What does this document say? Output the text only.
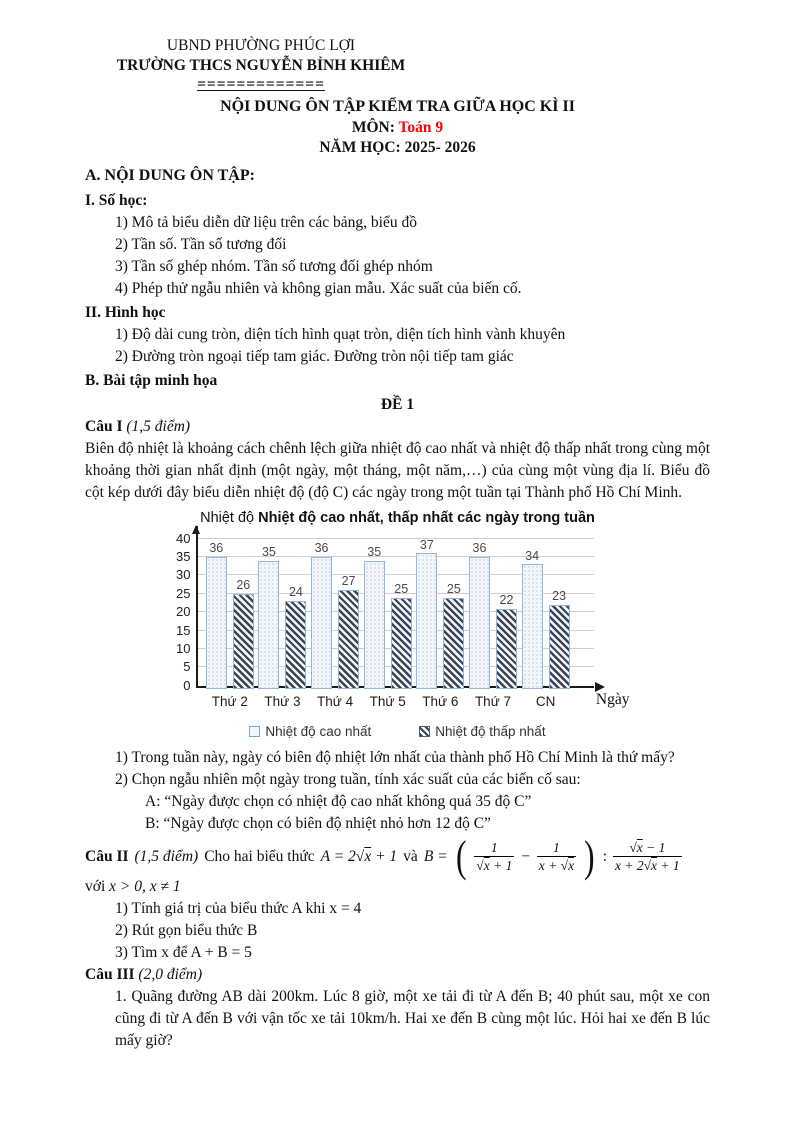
UBND PHƯỜNG PHÚC LỢI
TRƯỜNG THCS NGUYỄN BỈNH KHIÊM
=============
NỘI DUNG ÔN TẬP KIỂM TRA GIỮA HỌC KÌ II
MÔN: Toán 9
NĂM HỌC: 2025- 2026
A. NỘI DUNG ÔN TẬP:
I. Số học:
1) Mô tả biểu diễn dữ liệu trên các bảng, biểu đồ
2) Tần số. Tần số tương đối
3) Tần số ghép nhóm. Tần số tương đối ghép nhóm
4) Phép thử ngẫu nhiên và không gian mẫu. Xác suất của biến cố.
II. Hình học
1) Độ dài cung tròn, diện tích hình quạt tròn, diện tích hình vành khuyên
2) Đường tròn ngoại tiếp tam giác. Đường tròn nội tiếp tam giác
B. Bài tập minh họa
ĐỀ 1
Câu I (1,5 điểm)
Biên độ nhiệt là khoảng cách chênh lệch giữa nhiệt độ cao nhất và nhiệt độ thấp nhất trong cùng một khoảng thời gian nhất định (một ngày, một tháng, một năm,…) của cùng một vùng địa lí. Biểu đồ cột kép dưới đây biểu diễn nhiệt độ (độ C) các ngày trong một tuần tại Thành phố Hồ Chí Minh.
Nhiệt độ Nhiệt độ cao nhất, thấp nhất các ngày trong tuần
0
5
10
15
20
25
30
35
40
36
26
35
24
36
27
35
25
37
25
36
22
34
23
Thứ 2	Thứ 3	Thứ 4	Thứ 5	Thứ 6	Thứ 7	CN	Ngày
Nhiệt độ cao nhất	Nhiệt độ thấp nhất
1) Trong tuần này, ngày có biên độ nhiệt lớn nhất của thành phố Hồ Chí Minh là thứ mấy?
2) Chọn ngẫu nhiên một ngày trong tuần, tính xác suất của các biến cố sau:
A: “Ngày được chọn có nhiệt độ cao nhất không quá 35 độ C”
B: “Ngày được chọn có biên độ nhiệt nhỏ hơn 12 độ C”
Câu II (1,5 điểm) Cho hai biểu thức A = 2√x + 1 và B = ( $\frac{1}{√x + 1} - \frac{1}{x + √x}$ ) : $\frac{√x - 1}{x + 2√x + 1}$
với x > 0, x ≠ 1
1) Tính giá trị của biểu thức A khi x = 4
2) Rút gọn biểu thức B
3) Tìm x để A + B = 5
Câu III (2,0 điểm)
1. Quãng đường AB dài 200km. Lúc 8 giờ, một xe tải đi từ A đến B; 40 phút sau, một xe con cũng đi từ A đến B với vận tốc xe tải 10km/h. Hai xe đến B cùng một lúc. Hỏi hai xe đến B lúc mấy giờ?
